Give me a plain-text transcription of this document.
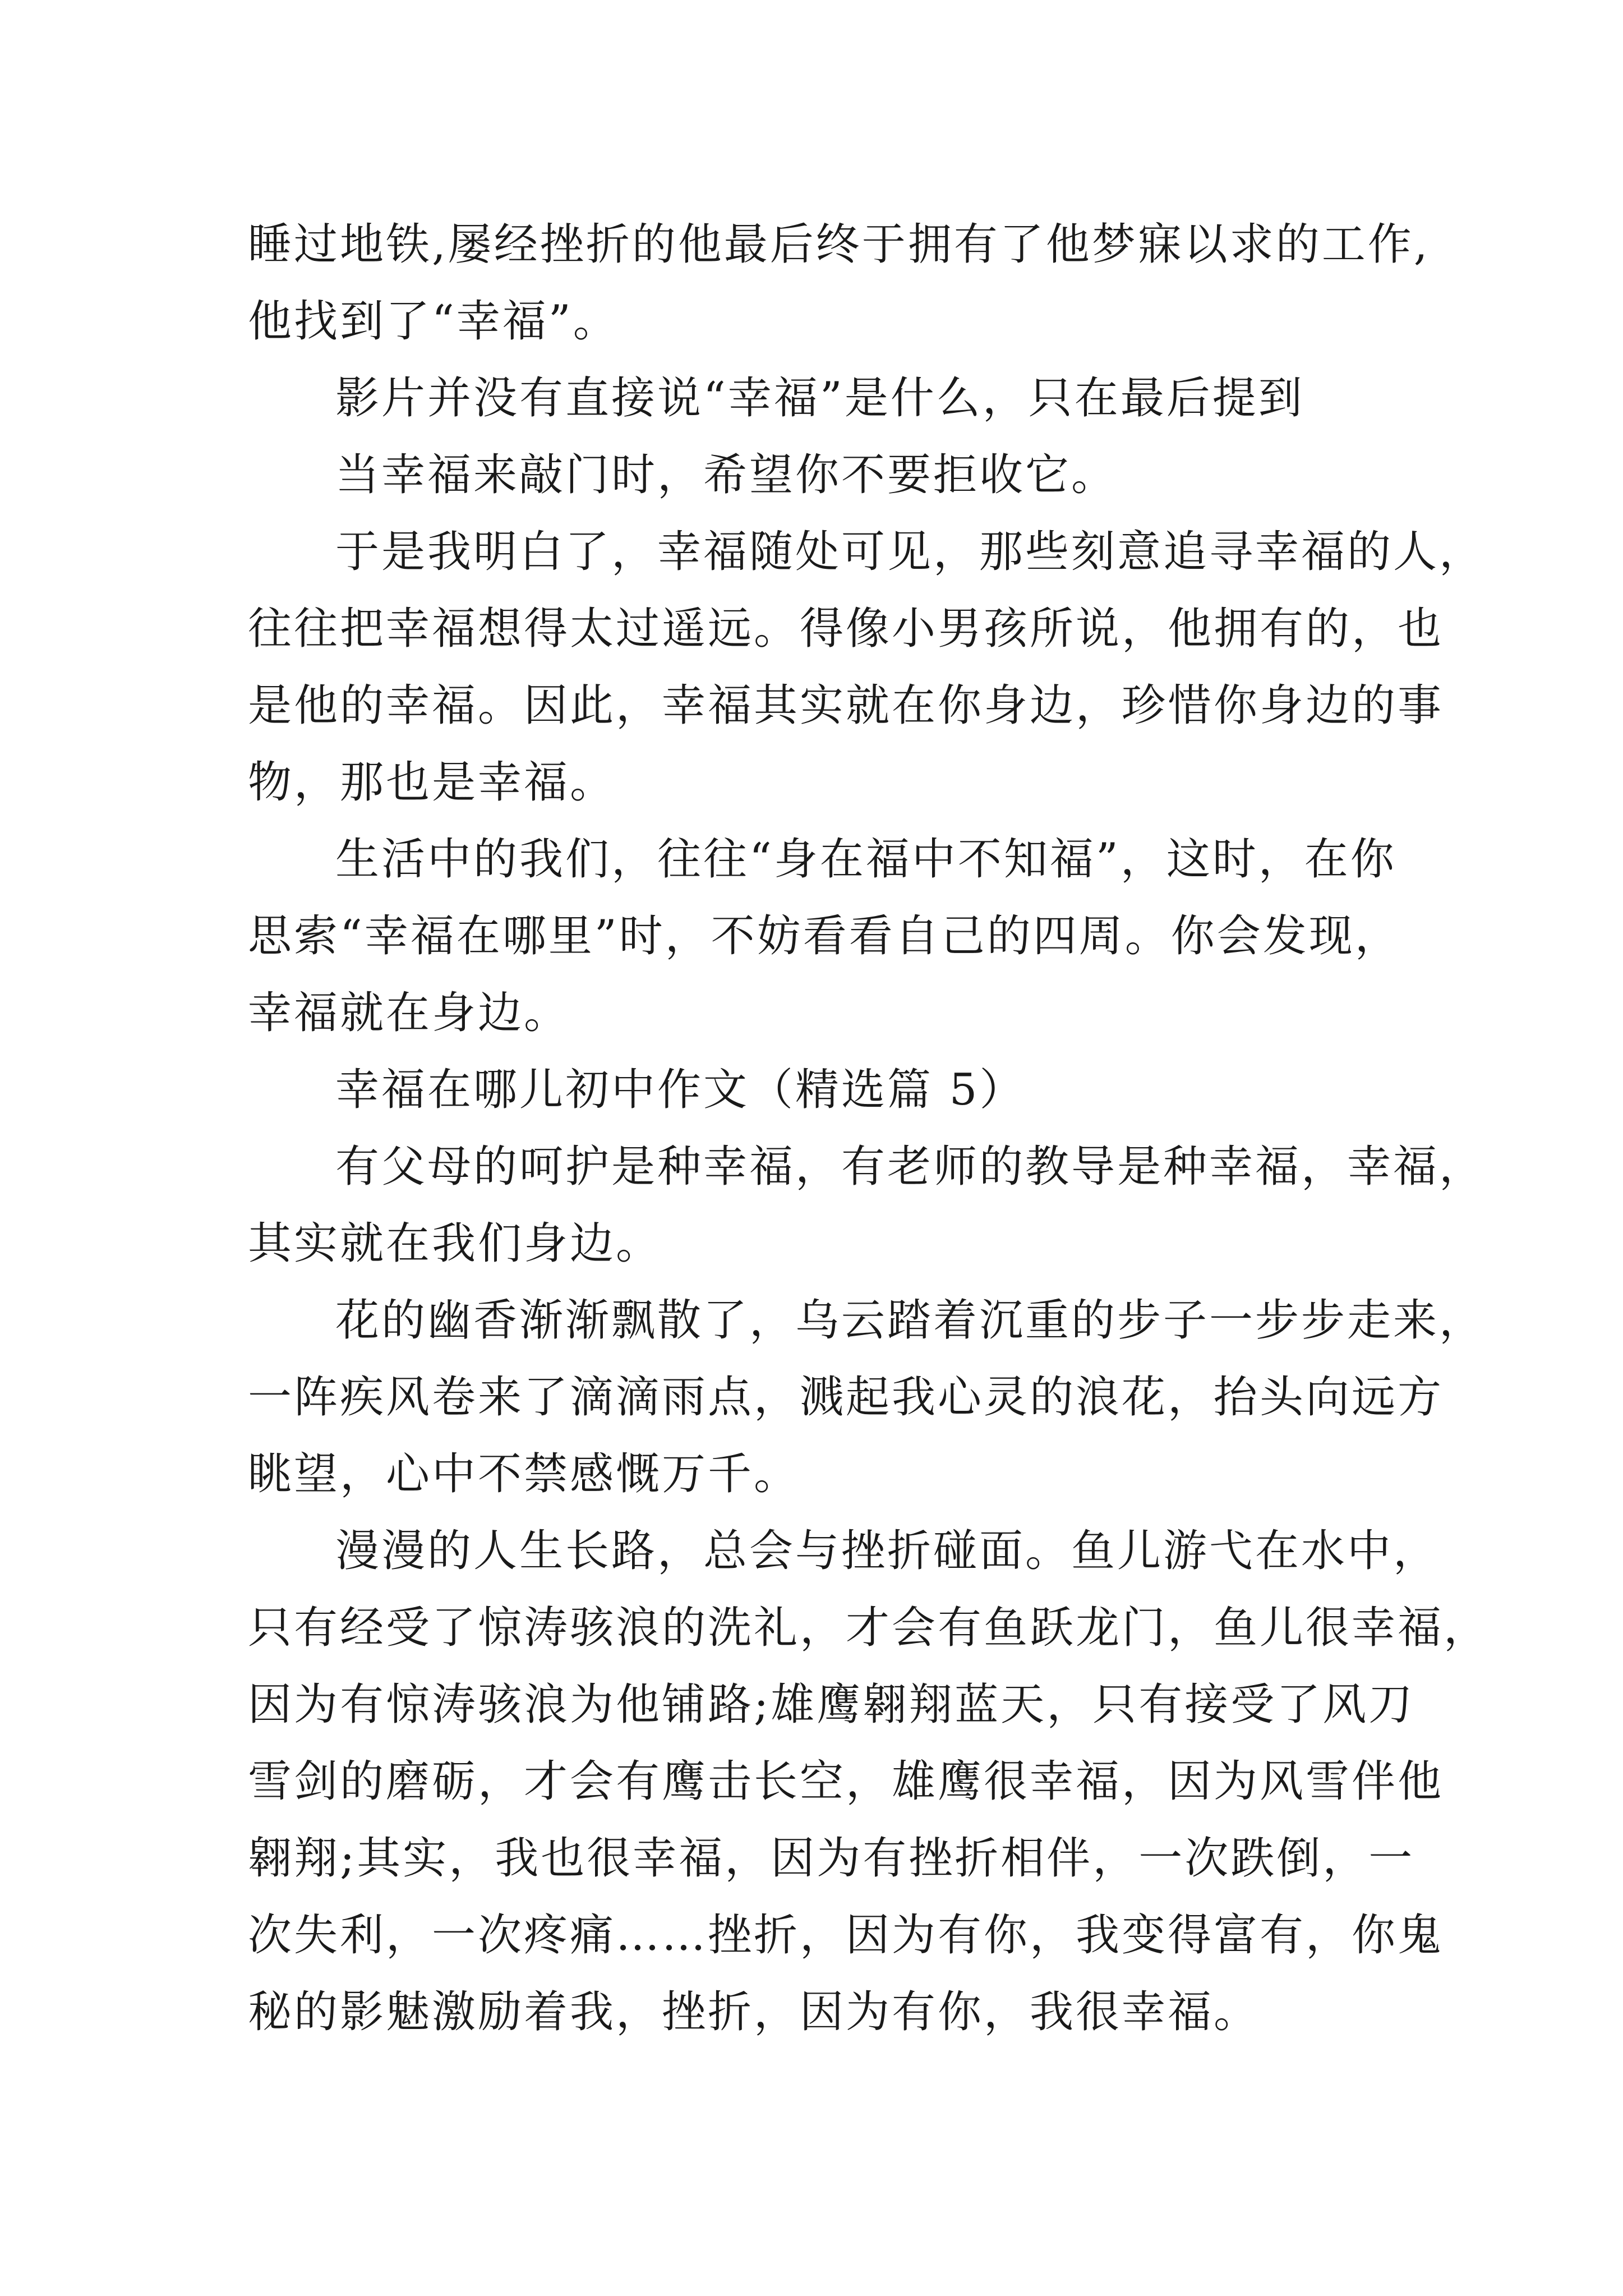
睡过地铁,屡经挫折的他最后终于拥有了他梦寐以求的工作,
他找到了“幸福”。
影片并没有直接说“幸福”是什么，只在最后提到
当幸福来敲门时，希望你不要拒收它。
于是我明白了，幸福随处可见，那些刻意追寻幸福的人，
往往把幸福想得太过遥远。得像小男孩所说，他拥有的，也
是他的幸福。因此，幸福其实就在你身边，珍惜你身边的事
物，那也是幸福。
生活中的我们，往往“身在福中不知福”，这时，在你
思索“幸福在哪里”时，不妨看看自己的四周。你会发现，
幸福就在身边。
幸福在哪儿初中作文（精选篇 5）
有父母的呵护是种幸福，有老师的教导是种幸福，幸福，
其实就在我们身边。
花的幽香渐渐飘散了，乌云踏着沉重的步子一步步走来，
一阵疾风卷来了滴滴雨点，溅起我心灵的浪花，抬头向远方
眺望，心中不禁感慨万千。
漫漫的人生长路，总会与挫折碰面。鱼儿游弋在水中，
只有经受了惊涛骇浪的洗礼，才会有鱼跃龙门，鱼儿很幸福，
因为有惊涛骇浪为他铺路;雄鹰翱翔蓝天，只有接受了风刀
雪剑的磨砺，才会有鹰击长空，雄鹰很幸福，因为风雪伴他
翱翔;其实，我也很幸福，因为有挫折相伴，一次跌倒，一
次失利，一次疼痛……挫折，因为有你，我变得富有，你鬼
秘的影魅激励着我，挫折，因为有你，我很幸福。
